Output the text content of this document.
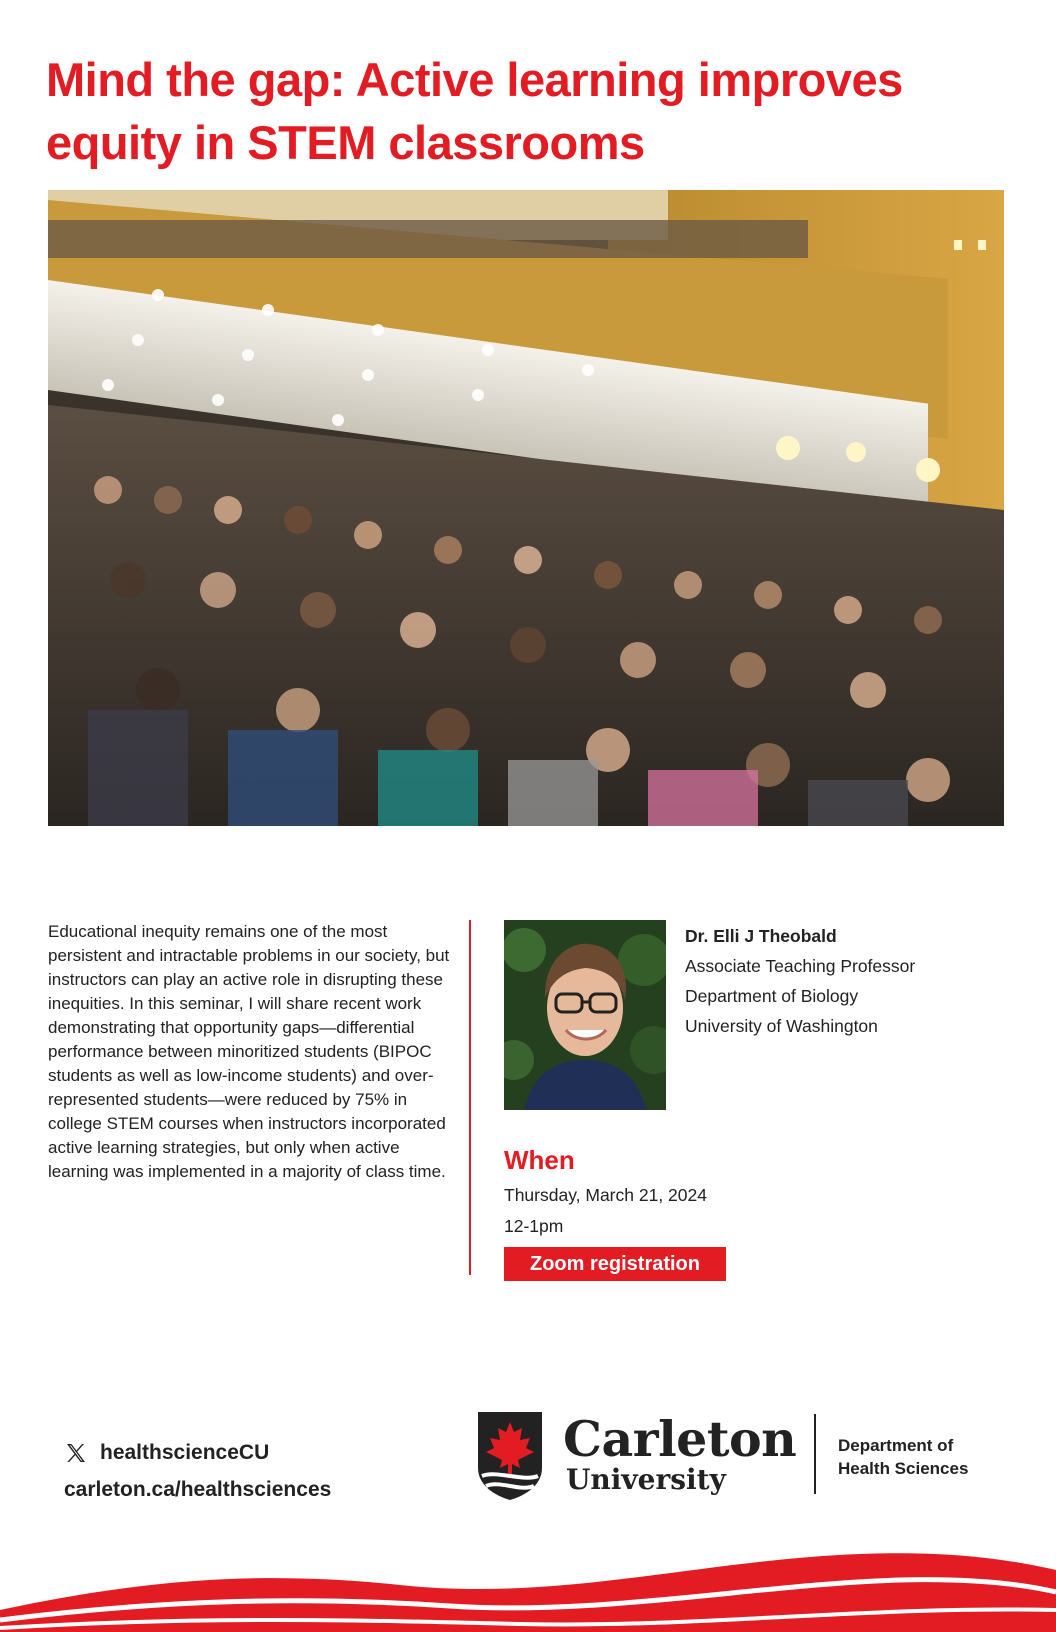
Mind the gap: Active learning improves equity in STEM classrooms

Educational inequity remains one of the most persistent and intractable problems in our society, but instructors can play an active role in disrupting these inequities. In this seminar, I will share recent work demonstrating that opportunity gaps—differential performance between minoritized students (BIPOC students as well as low-income students) and over-represented students—were reduced by 75% in college STEM courses when instructors incorporated active learning strategies, but only when active learning was implemented in a majority of class time.

Dr. Elli J Theobald
Associate Teaching Professor
Department of Biology
University of Washington
When
Thursday, March 21, 2024
12-1pm
Zoom registration
healthscienceCU
carleton.ca/healthsciences
Carleton
University
Department of
Health Sciences
